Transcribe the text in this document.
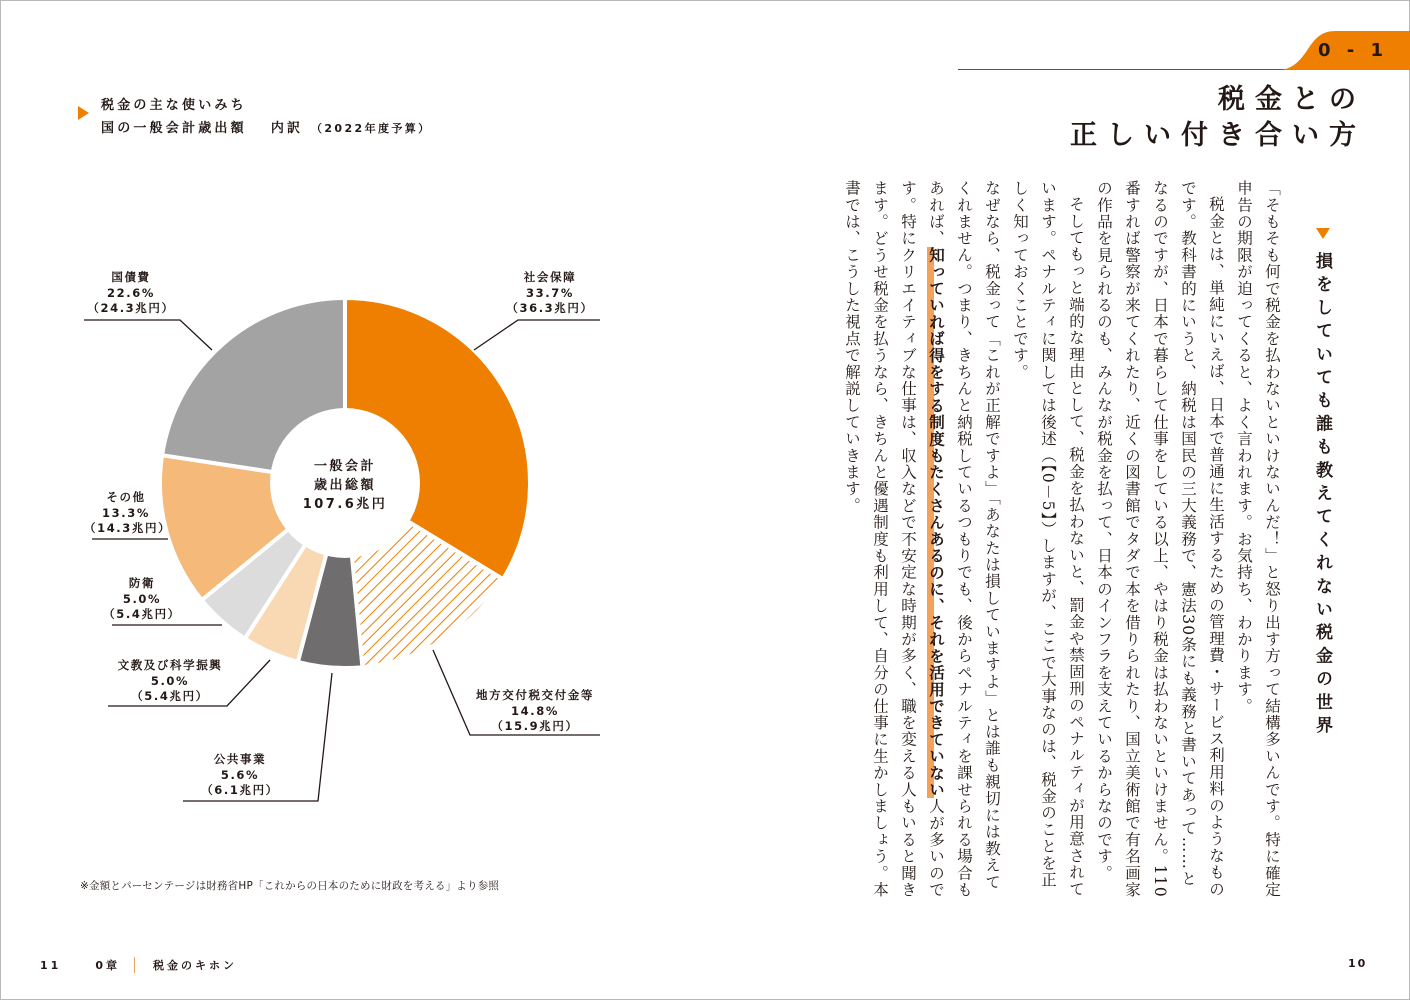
税金の主な使いみち
国の一般会計歳出額 内訳 （2022年度予算）
一般会計
歳出総額
107.6兆円
社会保障
33.7%
（36.3兆円）
地方交付税交付金等
14.8%
（15.9兆円）
公共事業
5.6%
（6.1兆円）
文教及び科学振興
5.0%
（5.4兆円）
防衛
5.0%
（5.4兆円）
その他
13.3%
（14.3兆円）
国債費
22.6%
（24.3兆円）
※金額とパーセンテージは財務省HP「これからの日本のために財政を考える」より参照
11	0章	税金のキホン
0 - 1
税金との
正しい付き合い方
損をしていても誰も教えてくれない税金の世界

「そもそも何で税金を払わないといけないんだ！」と怒り出す方って結構多いんです。特に確定申告の期限が迫ってくると、よく言われます。お気持ち、わかります。

税金とは、単純にいえば、日本で普通に生活するための管理費・サービス利用料のようなものです。教科書的にいうと、納税は国民の三大義務で、憲法30条にも義務と書いてあって……となるのですが、日本で暮らして仕事をしている以上、やはり税金は払わないといけません。110番すれば警察が来てくれたり、近くの図書館でタダで本を借りられたり、国立美術館で有名画家の作品を見られるのも、みんなが税金を払って、日本のインフラを支えているからなのです。

そしてもっと端的な理由として、税金を払わないと、罰金や禁固刑のペナルティが用意されています。ペナルティに関しては後述（【0－5】）しますが、ここで大事なのは、税金のことを正しく知っておくことです。

なぜなら、税金って「これが正解ですよ」「あなたは損していますよ」とは誰も親切には教えてくれません。つまり、きちんと納税しているつもりでも、後からペナルティを課せられる場合もあれば、知っていれば得をする制度もたくさんあるのに、それを活用できていない人が多いのです。特にクリエイティブな仕事は、収入などで不安定な時期が多く、職を変える人もいると聞きます。どうせ税金を払うなら、きちんと優遇制度も利用して、自分の仕事に生かしましょう。本書では、こうした視点で解説していきます。

10
